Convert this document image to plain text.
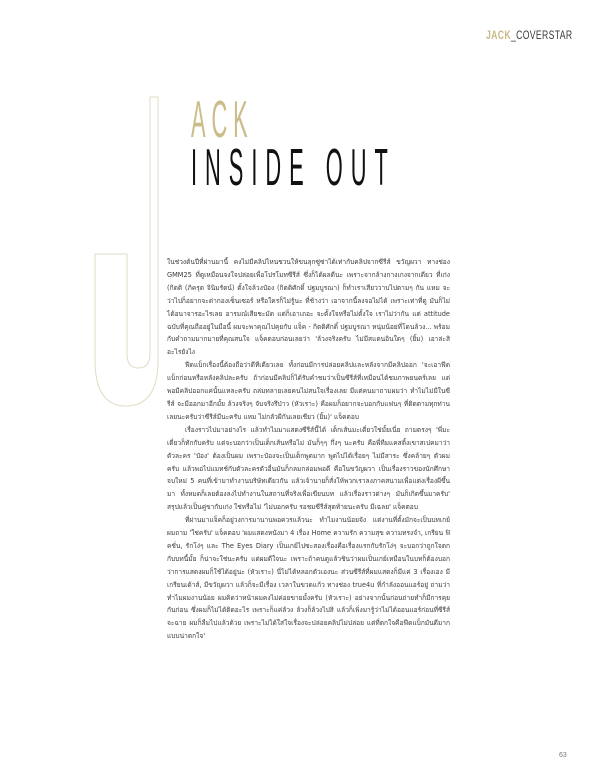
JACK_COVERSTAR
ACK
INSIDE OUT

ในช่วงต้นปีที่ผ่านมานี้ คงไม่มีคลิปไหนชวนให้ขนลุกซู่ซ่าได้เท่ากับคลิปจากซีรีส์ ขวัญผวา ทางช่อง GMM25 ที่ดูเหมือนจงใจปล่อยเพื่อโปรโมทซีรีส์ ซึ่งก็ได้ผลดีนะ เพราะจากล้างกางเกงจากเดียว ที่เก่ง (กิตติ (ภิครุต จินิมรัตน์) ตั้งใจล้วงป๋อง (กิตติศักดิ์ ปฐมบูรณา) ก็ทำเราเสียววาบไปตามๆ กัน แหม จะว่าไปก็อยากจะด่ากองเซ็นเซอร์ หรือใครก็ไม่รู้นะ ที่ช้างว่า เอาจากนี้ลงจอไม่ได้ เพราะเท่าที่ดู มันก็ไม่ได้อนาจารอะไรเลย อารมณ์เสียชะมัด แต่ก็เอาเถอะ จะตั้งใจหรือไม่ตั้งใจ เราไม่ว่ากัน แต่ attitude ฉบับที่คุณถืออยู่ในมือนี้ ผมจะพาคุณไปคุยกับ แจ็ค - กิตติศักดิ์ ปฐมบูรณา หนุ่มน้อยที่โดนล้วง... พร้อมกับคำถามมากมายที่คุณสนใจ แจ็คตอบก่อนเลยว่า 'ล้วงจริงครับ ไม่มีสแตนอินใดๆ (ยิ้ม) เอาล่ะสิ อะไรยังไง

ฟีดแบ็กเรื่องนี้ต้องถือว่าดีทีเดียวเลย ทั้งก่อนมีการปล่อยคลิปและหลังจากมีคลิปออก 'จะเอาฟีดแบ็กก่อนหรือหลังคลิปละครับ ถ้าก่อนมีคลิปก็ได้รับคำชมว่าเป็นซีรีส์ที่เหมือนได้ชมภาพยนตร์เลย แต่พอมีคลิปออกแค่นั้นแหละครับ ถล่มทลายเลยคนไม่สนใจเรื่องเลย มีแต่คนมาถามผมว่า ทำไมไม่มีในซีรีส์ จะมีออกมาอีกมั้ย ล้วงจริงๆ จับจริงรึป่าว (หัวเราะ) คือผมก็อยากจะบอกกับแฟนๆ ที่ติดตามทุกท่านเลยนะครับว่าซีรีส์มีนะครับ แหม ไม่กลัวผีกันเลยเชียว (ยิ้ม)' แจ็คตอบ

เรื่องราวไปมาอย่างไร แล้วทำไมมาแสดงซีรีส์นี้ได้ เด็กเส้นมะเดี่ยวใช่มั้ยเนี่ย ถามตรงๆ 'พี่มะเดี่ยวก็ทักกับครับ แต่จะบอกว่าเป็นเด็กเส้นหรือไม่ มันก็ๆๆ กึ่งๆ นะครับ คือพี่ทีมแคสติ้งเขาสเปคมาว่าตัวละคร 'ป๋อง' ต้องเป็นผม เพราะป๋องจะเป็นเด็กพูดมาก พูดไปได้เรื่อยๆ ไม่มีสาระ ซึ่งคล้ายๆ ตัวผมครับ แล้วพอไปแมทช์กับตัวละครตัวอื่นมันก็กลมกล่อมพอดี คือในขวัญผวา เป็นเรื่องราวของนักศึกษาจบใหม่ 5 คนที่เข้ามาทำงานบริษัทเดียวกัน แล้วเจ้านายก็สั่งให้พวกเราลงภาคสนามเพื่อแต่งเรื่องผีขึ้นมา ทั้งหมดก็เลยต้องลงไปทำงานในสถานที่จริงเพื่อเขียนบท แล้วเรื่องราวต่างๆ มันก็เกิดขึ้นมาครับ' สรุปแล้วเป็นคู่ขากับเก่ง ใช่หรือไม่ 'ไม่บอกครับ รอชมซีรีส์สุดท้ายนะครับ มีเฉลย' แจ็คตอบ

ที่ผ่านมาแจ็คก็อยู่วงการมานานพอควรแล้วนะ ทำไมงานน้อยจัง แต่งานที่ตั้งมักจะเป็นบทเกย์ ผมถาม 'ใช่ครับ' แจ็คตอบ 'ผมแสดงหนังมา 4 เรื่อง Home ความรัก ความสุข ความทรงจำ, เกรียน ฟิคชั่น, รักโง่ๆ และ The Eyes Diary เป็นเกย์ไปซะสองเรื่องคือเรื่องแรกกับรักโง่ๆ จะบอกว่าถูกใจตกกับบทนี้มั้ย ก็น่าจะใช่นะครับ แต่ผมดีใจนะ เพราะถ้าคนดูแล้วชินว่าผมเป็นเกย์เหมือนในบทก็ต้องบอกว่าการแสดงผมก็ใช้ได้อยู่นะ (หัวเราะ) นี่ไม่ได้หลอกตัวเองนะ ส่วนซีรีส์ที่ผมแสดงก็มีแค่ 3 เรื่องเอง มีเกรียนเด้าส์, มีขวัญผวา แล้วก็จะมีเรื่อง เวลาในขวดแก้ว ทางช่อง true4u ที่กำลังออนแอร์อยู่ ถามว่าทำไมผมงานน้อย ผมคิดว่าหน้าผมคงไม่ค่อยขายมั้งครับ (หัวเราะ) อย่างจากนั้นก่อนถ่ายทำก็มีการคุยกันก่อน ซึ่งผมก็ไม่ได้ติดอะไร เพราะก็แค่ล้วง ล้วงก็ล้วงไปสิ แล้วก็เพิ่งมารู้ว่าไม่ได้ออนแอร์ก่อนที่ซีรีส์จะฉาย ผมก็ลืมไปแล้วด้วย เพราะไม่ได้ใส่ใจเรื่องจะปล่อยคลิปไม่ปล่อย แต่ที่ตกใจคือฟีดแบ็กมันดีมากแบบน่าตกใจ'

63
